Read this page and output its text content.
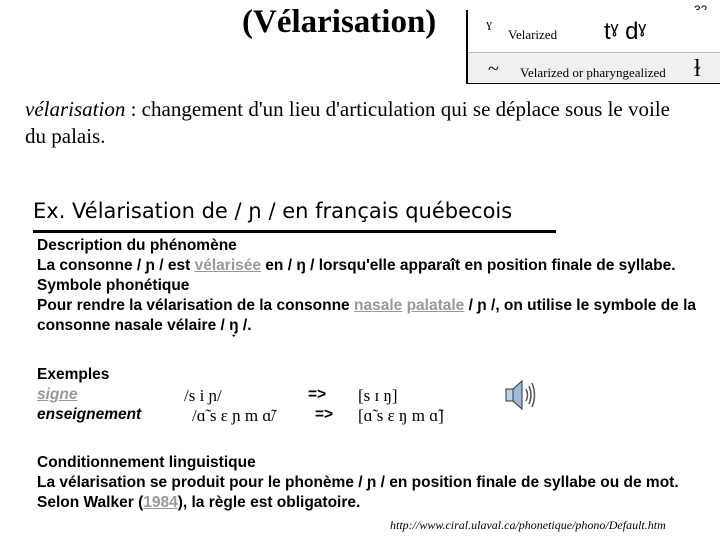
(Vélarisation) ˠ Velarized tˠ dˠ
~ Velarized or pharyngealized ɫ
vélarisation : changement d'un lieu d'articulation qui se déplace sous le voile du palais.
Ex. Vélarisation de / ɲ / en français québecois
Description du phénomène
La consonne / ɲ / est vélarisée en / ŋ / lorsqu'elle apparaît en position finale de syllabe. Symbole phonétique
Pour rendre la vélarisation de la consonne nasale palatale / ɲ /, on utilise le symbole de la consonne nasale vélaire / ŋ̟ /.
Exemples
signe	/s i ɲ/	=> [s ɪ ŋ]
enseignement	/ɑ̃ s ɛ ɲ m ɑ̃/	=> [ɑ̃ s ɛ ŋ m ɑ̃]
Conditionnement linguistique
La vélarisation se produit pour le phonème / ɲ / en position finale de syllabe ou de mot. Selon Walker (1984), la règle est obligatoire.
http://www.ciral.ulaval.ca/phonetique/phono/Default.htm
